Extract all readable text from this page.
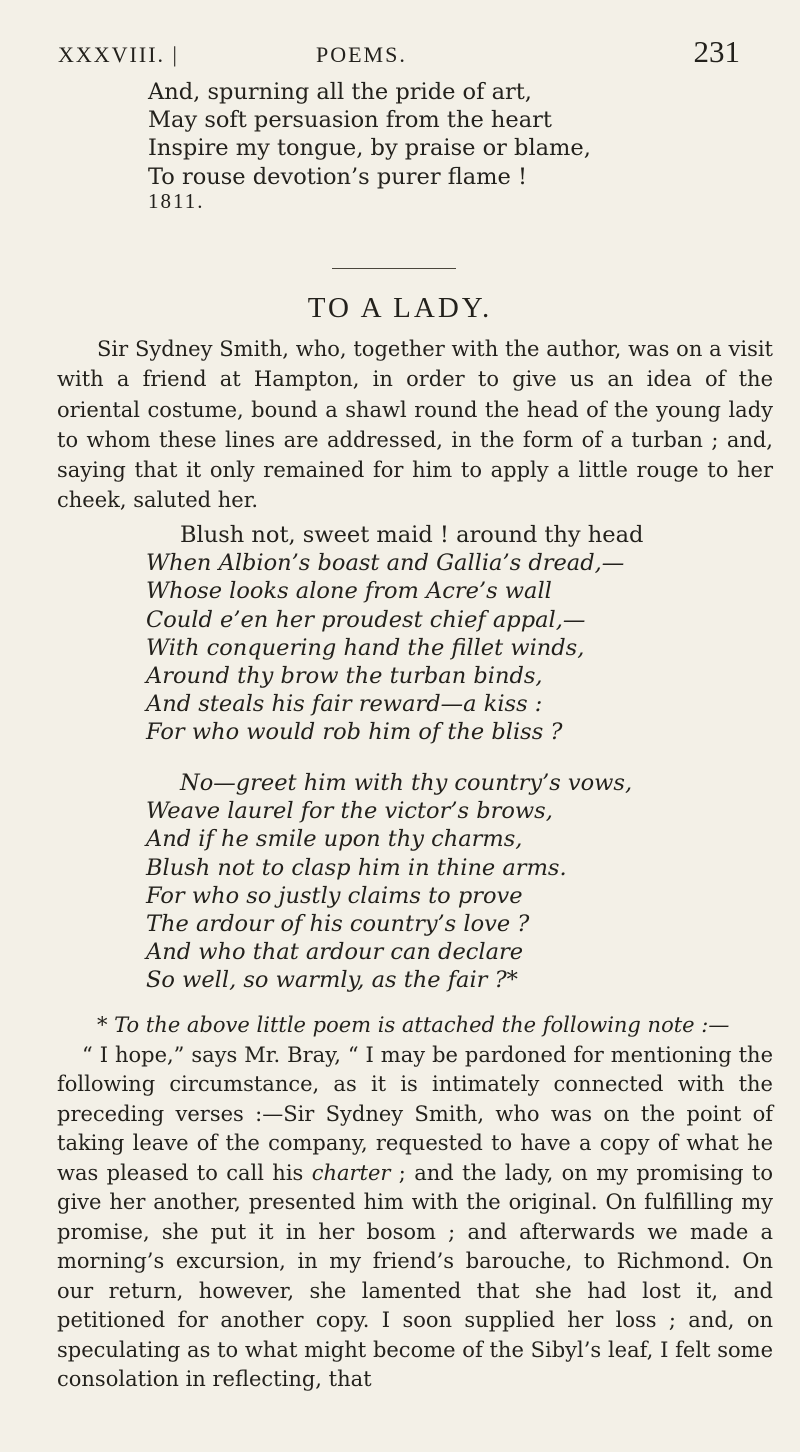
XXXVIII. |	POEMS.	231
And, spurning all the pride of art,
May soft persuasion from the heart
Inspire my tongue, by praise or blame,
To rouse devotion’s purer flame !
1811.
TO A LADY.
Sir Sydney Smith, who, together with the author, was on a visit with a friend at Hampton, in order to give us an idea of the oriental costume, bound a shawl round the head of the young lady to whom these lines are addressed, in the form of a turban ; and, saying that it only remained for him to apply a little rouge to her cheek, saluted her.
Blush not, sweet maid ! around thy head
When Albion’s boast and Gallia’s dread,—
Whose looks alone from Acre’s wall
Could e’en her proudest chief appal,—
With conquering hand the fillet winds,
Around thy brow the turban binds,
And steals his fair reward—a kiss :
For who would rob him of the bliss ?
No—greet him with thy country’s vows,
Weave laurel for the victor’s brows,
And if he smile upon thy charms,
Blush not to clasp him in thine arms.
For who so justly claims to prove
The ardour of his country’s love ?
And who that ardour can declare
So well, so warmly, as the fair ?*

* To the above little poem is attached the following note :—

“ I hope,” says Mr. Bray, “ I may be pardoned for mentioning the following circumstance, as it is intimately connected with the preceding verses :—Sir Sydney Smith, who was on the point of taking leave of the company, requested to have a copy of what he was pleased to call his charter ; and the lady, on my promising to give her another, presented him with the original. On fulfilling my promise, she put it in her bosom ; and afterwards we made a morning’s excursion, in my friend’s barouche, to Richmond. On our return, however, she lamented that she had lost it, and petitioned for another copy. I soon supplied her loss ; and, on speculating as to what might become of the Sibyl’s leaf, I felt some consolation in reflecting, that
